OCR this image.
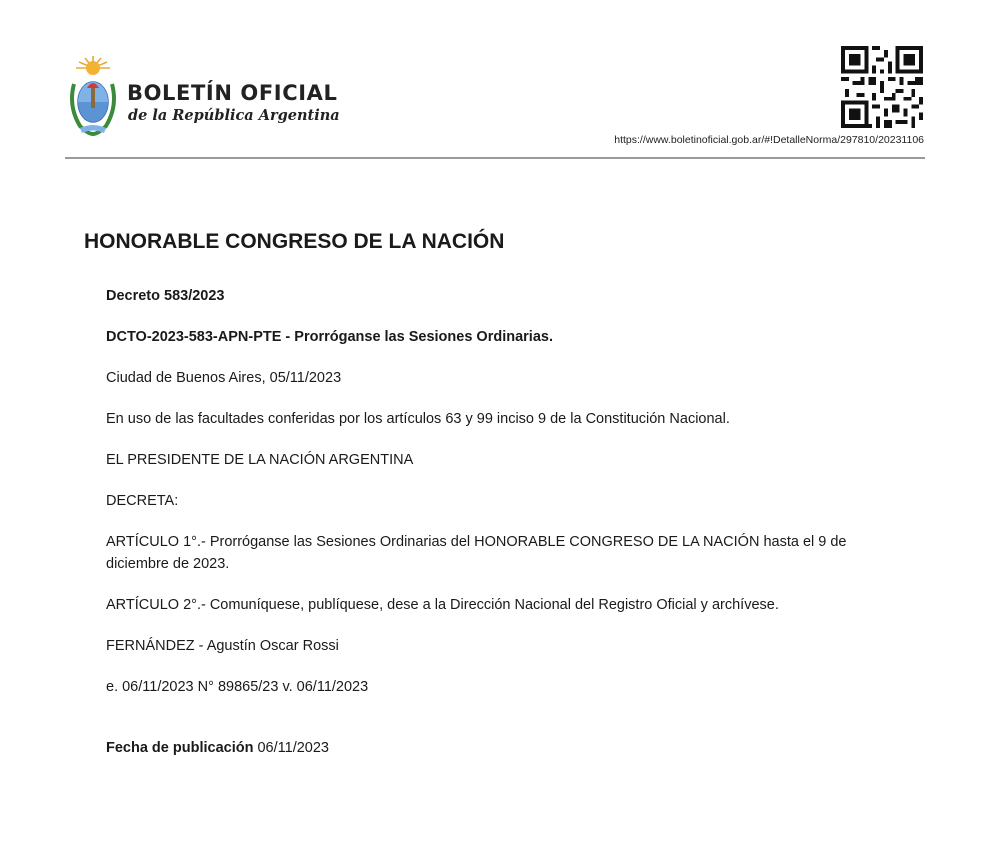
BOLETÍN OFICIAL
de la República Argentina
https://www.boletinoficial.gob.ar/#!DetalleNorma/297810/20231106
HONORABLE CONGRESO DE LA NACIÓN

Decreto 583/2023

DCTO-2023-583-APN-PTE - Prorróganse las Sesiones Ordinarias.

Ciudad de Buenos Aires, 05/11/2023

En uso de las facultades conferidas por los artículos 63 y 99 inciso 9 de la Constitución Nacional.

EL PRESIDENTE DE LA NACIÓN ARGENTINA

DECRETA:

ARTÍCULO 1°.- Prorróganse las Sesiones Ordinarias del HONORABLE CONGRESO DE LA NACIÓN hasta el 9 de diciembre de 2023.

ARTÍCULO 2°.- Comuníquese, publíquese, dese a la Dirección Nacional del Registro Oficial y archívese.

FERNÁNDEZ - Agustín Oscar Rossi

e. 06/11/2023 N° 89865/23 v. 06/11/2023

Fecha de publicación 06/11/2023
